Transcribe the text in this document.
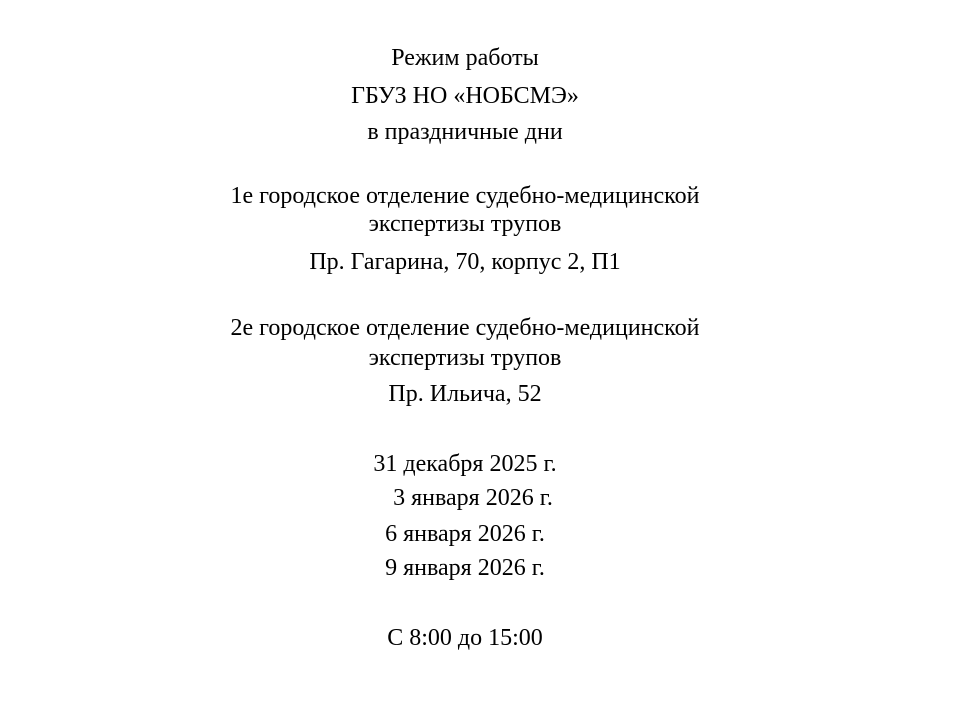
Режим работы
ГБУЗ НО «НОБСМЭ»
в праздничные дни
1е городское отделение судебно-медицинской
экспертизы трупов
Пр. Гагарина, 70, корпус 2, П1
2е городское отделение судебно-медицинской
экспертизы трупов
Пр. Ильича, 52
31 декабря 2025 г.
3 января 2026 г.
6 января 2026 г.
9 января 2026 г.
С 8:00 до 15:00
